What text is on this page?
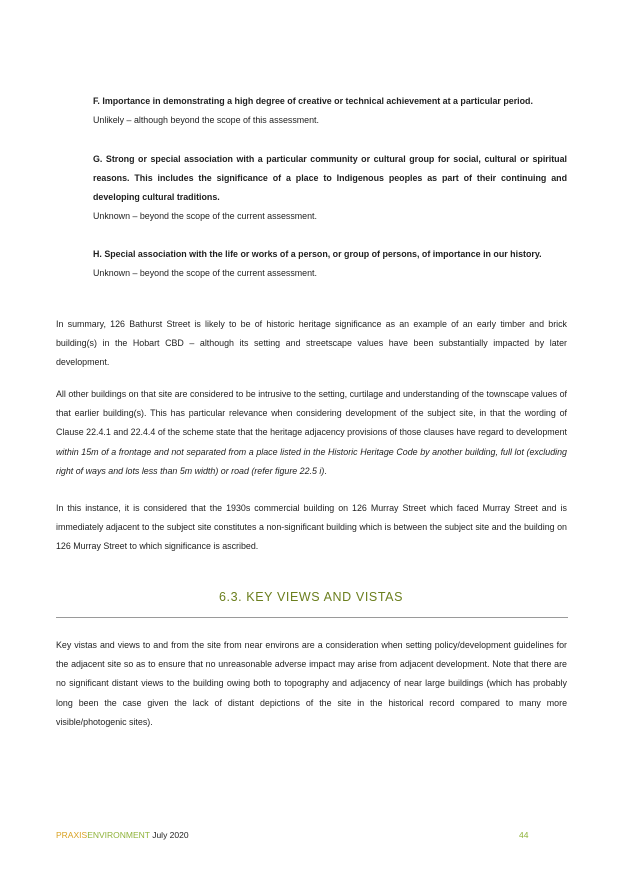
F. Importance in demonstrating a high degree of creative or technical achievement at a particular period.
Unlikely – although beyond the scope of this assessment.
G. Strong or special association with a particular community or cultural group for social, cultural or spiritual reasons. This includes the significance of a place to Indigenous peoples as part of their continuing and developing cultural traditions.
Unknown – beyond the scope of the current assessment.
H. Special association with the life or works of a person, or group of persons, of importance in our history.
Unknown – beyond the scope of the current assessment.
In summary, 126 Bathurst Street is likely to be of historic heritage significance as an example of an early timber and brick building(s) in the Hobart CBD – although its setting and streetscape values have been substantially impacted by later development.
All other buildings on that site are considered to be intrusive to the setting, curtilage and understanding of the townscape values of that earlier building(s). This has particular relevance when considering development of the subject site, in that the wording of Clause 22.4.1 and 22.4.4 of the scheme state that the heritage adjacency provisions of those clauses have regard to development within 15m of a frontage and not separated from a place listed in the Historic Heritage Code by another building, full lot (excluding right of ways and lots less than 5m width) or road (refer figure 22.5 i).
In this instance, it is considered that the 1930s commercial building on 126 Murray Street which faced Murray Street and is immediately adjacent to the subject site constitutes a non-significant building which is between the subject site and the building on 126 Murray Street to which significance is ascribed.
6.3. KEY VIEWS AND VISTAS
Key vistas and views to and from the site from near environs are a consideration when setting policy/development guidelines for the adjacent site so as to ensure that no unreasonable adverse impact may arise from adjacent development. Note that there are no significant distant views to the building owing both to topography and adjacency of near large buildings (which has probably long been the case given the lack of distant depictions of the site in the historical record compared to many more visible/photogenic sites).
PRAXISENVIRONMENT July 2020	44
